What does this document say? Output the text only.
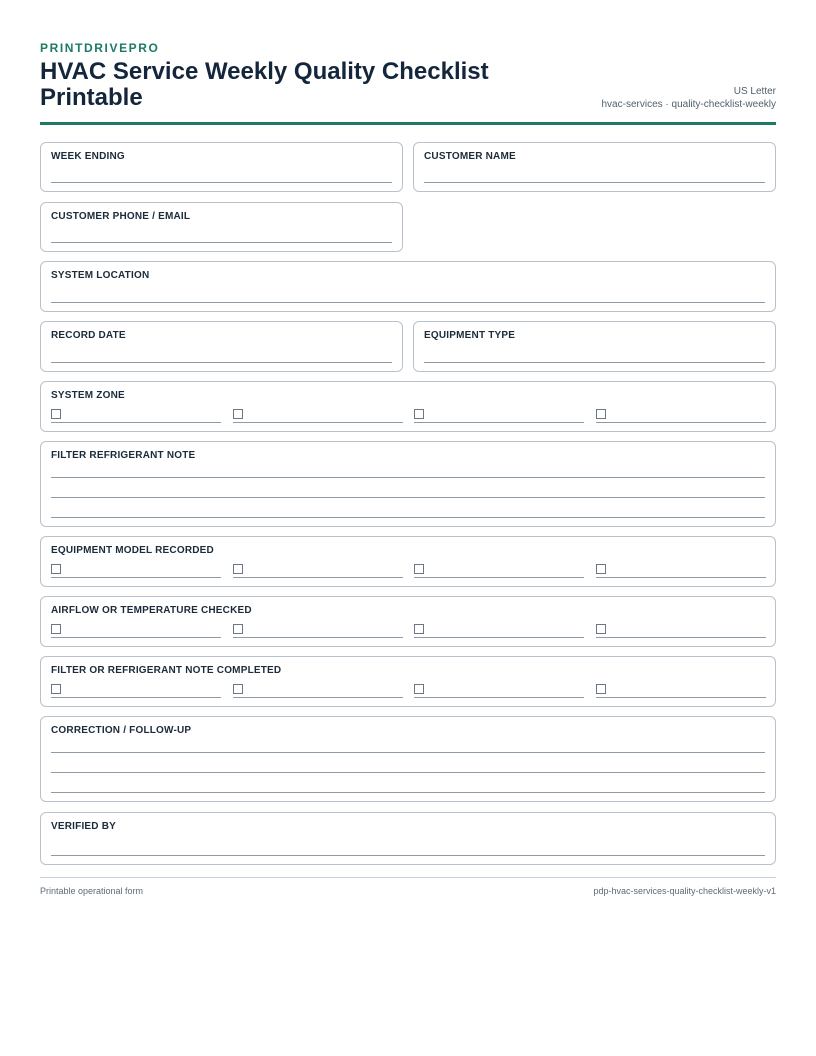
PRINTDRIVEPRO
HVAC Service Weekly Quality Checklist Printable	US Letter
hvac-services · quality-checklist-weekly
WEEK ENDING	CUSTOMER NAME
CUSTOMER PHONE / EMAIL
SYSTEM LOCATION
RECORD DATE	EQUIPMENT TYPE
SYSTEM ZONE
FILTER REFRIGERANT NOTE
EQUIPMENT MODEL RECORDED
AIRFLOW OR TEMPERATURE CHECKED
FILTER OR REFRIGERANT NOTE COMPLETED
CORRECTION / FOLLOW-UP
VERIFIED BY
Printable operational form	pdp-hvac-services-quality-checklist-weekly-v1
